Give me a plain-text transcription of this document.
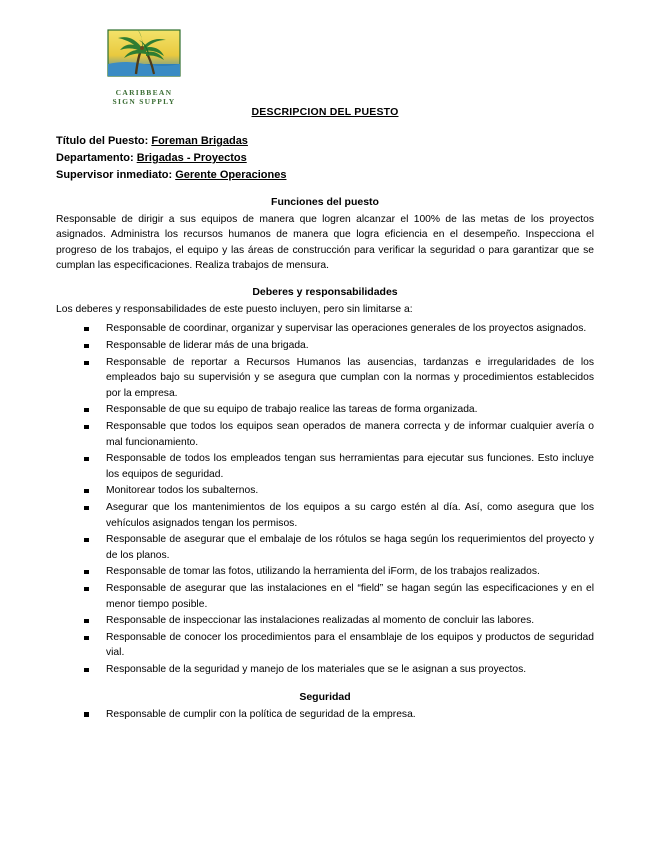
CARIBBEAN
SIGN SUPPLY
DESCRIPCION DEL PUESTO
Título del Puesto: Foreman Brigadas
Departamento: Brigadas - Proyectos
Supervisor inmediato: Gerente Operaciones
Funciones del puesto

Responsable de dirigir a sus equipos de manera que logren alcanzar el 100% de las metas de los proyectos asignados. Administra los recursos humanos de manera que logra eficiencia en el desempeño. Inspecciona el progreso de los trabajos, el equipo y las áreas de construcción para verificar la seguridad o para garantizar que se cumplan las especificaciones. Realiza trabajos de mensura.

Deberes y responsabilidades

Los deberes y responsabilidades de este puesto incluyen, pero sin limitarse a:

Responsable de coordinar, organizar y supervisar las operaciones generales de los proyectos asignados.
Responsable de liderar más de una brigada.
Responsable de reportar a Recursos Humanos las ausencias, tardanzas e irregularidades de los empleados bajo su supervisión y se asegura que cumplan con la normas y procedimientos establecidos por la empresa.
Responsable de que su equipo de trabajo realice las tareas de forma organizada.
Responsable que todos los equipos sean operados de manera correcta y de informar cualquier avería o mal funcionamiento.
Responsable de todos los empleados tengan sus herramientas para ejecutar sus funciones. Esto incluye los equipos de seguridad.
Monitorear todos los subalternos.
Asegurar que los mantenimientos de los equipos a su cargo estén al día. Así, como asegura que los vehículos asignados tengan los permisos.
Responsable de asegurar que el embalaje de los rótulos se haga según los requerimientos del proyecto y de los planos.
Responsable de tomar las fotos, utilizando la herramienta del iForm, de los trabajos realizados.
Responsable de asegurar que las instalaciones en el “field” se hagan según las especificaciones y en el menor tiempo posible.
Responsable de inspeccionar las instalaciones realizadas al momento de concluir las labores.
Responsable de conocer los procedimientos para el ensamblaje de los equipos y productos de seguridad vial.
Responsable de la seguridad y manejo de los materiales que se le asignan a sus proyectos.
Seguridad
Responsable de cumplir con la política de seguridad de la empresa.
